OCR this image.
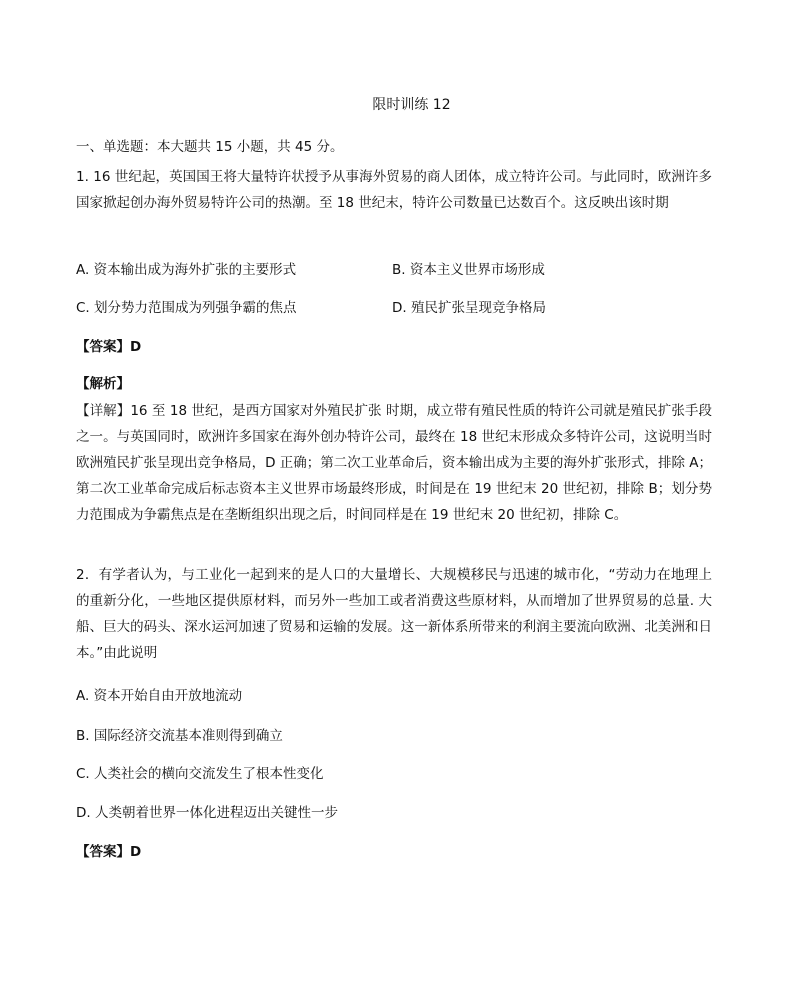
限时训练 12
一、单选题：本大题共 15 小题，共 45 分。
1. 16 世纪起，英国国王将大量特许状授予从事海外贸易的商人团体，成立特许公司。与此同时，欧洲许多国家掀起创办海外贸易特许公司的热潮。至 18 世纪末，特许公司数量已达数百个。这反映出该时期
A. 资本输出成为海外扩张的主要形式	B. 资本主义世界市场形成
C. 划分势力范围成为列强争霸的焦点	D. 殖民扩张呈现竞争格局
【答案】D
【解析】
【详解】16 至 18 世纪，是西方国家对外殖民扩张 时期，成立带有殖民性质的特许公司就是殖民扩张手段之一。与英国同时，欧洲许多国家在海外创办特许公司，最终在 18 世纪末形成众多特许公司，这说明当时欧洲殖民扩张呈现出竞争格局，D 正确；第二次工业革命后，资本输出成为主要的海外扩张形式，排除 A；第二次工业革命完成后标志资本主义世界市场最终形成，时间是在 19 世纪末 20 世纪初，排除 B；划分势力范围成为争霸焦点是在垄断组织出现之后，时间同样是在 19 世纪末 20 世纪初，排除 C。
2．有学者认为，与工业化一起到来的是人口的大量增长、大规模移民与迅速的城市化，“劳动力在地理上的重新分化，一些地区提供原材料，而另外一些加工或者消费这些原材料，从而增加了世界贸易的总量. 大船、巨大的码头、深水运河加速了贸易和运输的发展。这一新体系所带来的利润主要流向欧洲、北美洲和日本。”由此说明
A. 资本开始自由开放地流动
B. 国际经济交流基本准则得到确立
C. 人类社会的横向交流发生了根本性变化
D. 人类朝着世界一体化进程迈出关键性一步
【答案】D
